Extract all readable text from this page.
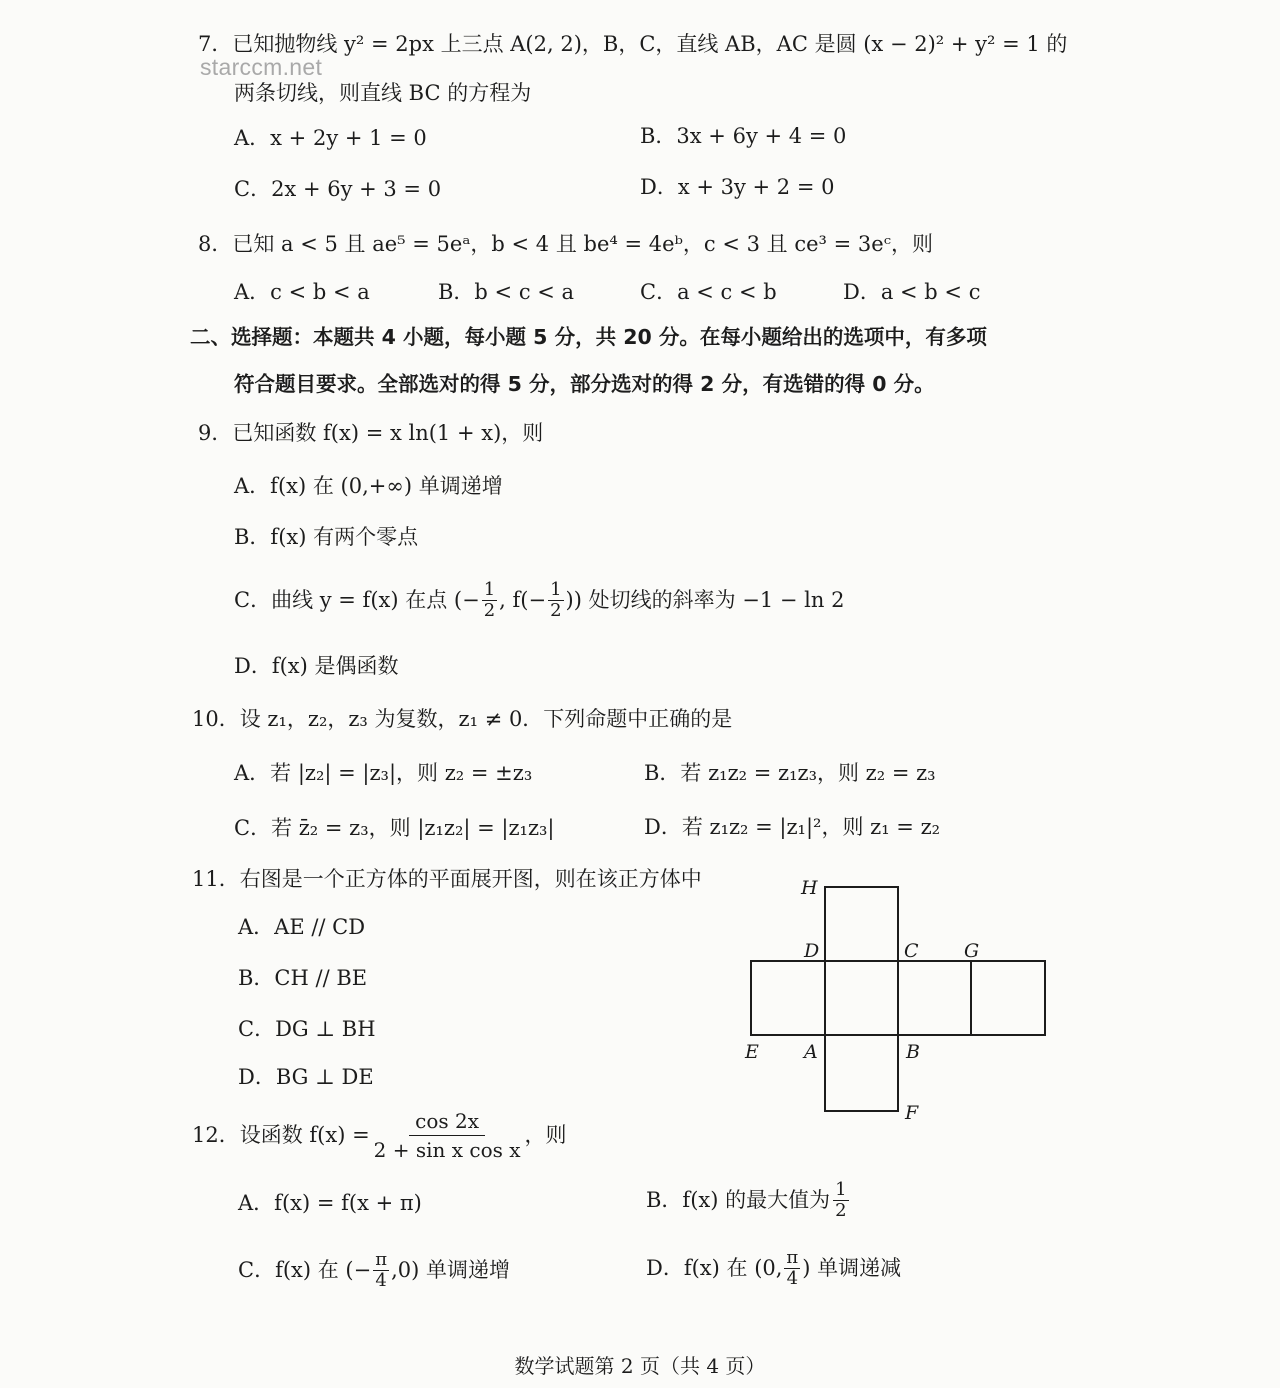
starccm.net
7．已知抛物线 y² = 2px 上三点 A(2, 2)，B，C，直线 AB，AC 是圆 (x − 2)² + y² = 1 的
两条切线，则直线 BC 的方程为
A．x + 2y + 1 = 0	B．3x + 6y + 4 = 0
C．2x + 6y + 3 = 0	D．x + 3y + 2 = 0
8．已知 a < 5 且 ae⁵ = 5eᵃ，b < 4 且 be⁴ = 4eᵇ，c < 3 且 ce³ = 3eᶜ，则
A．c < b < a	B．b < c < a	C．a < c < b	D．a < b < c
二、选择题：本题共 4 小题，每小题 5 分，共 20 分。在每小题给出的选项中，有多项
符合题目要求。全部选对的得 5 分，部分选对的得 2 分，有选错的得 0 分。
9．已知函数 f(x) = x ln(1 + x)，则
A．f(x) 在 (0,+∞) 单调递增
B．f(x) 有两个零点
C．曲线 y = f(x) 在点 (− $\frac{1}{2}$ , $f(- \frac{1}{2}$ )) 处切线的斜率为 −1 − ln 2
D．f(x) 是偶函数
10．设 z₁，z₂，z₃ 为复数，z₁ ≠ 0．下列命题中正确的是
A．若 |z₂| = |z₃|，则 z₂ = ±z₃	B．若 z₁z₂ = z₁z₃，则 z₂ = z₃
C．若 z̄₂ = z₃，则 |z₁z₂| = |z₁z₃|	D．若 z₁z₂ = |z₁|²，则 z₁ = z₂
11．右图是一个正方体的平面展开图，则在该正方体中
A．AE // CD
B．CH // BE
C．DG ⊥ BH
D．BG ⊥ DE
H
D	C G
E A	B
F
12．设函数 $f(x) = \frac{\cos 2x}{\text{2 + sin x cos x}}$ ，则
A．f(x) = f(x + π)	B．f(x) 的最大值为 $\frac{1}{2}$
C．f(x) 在 (− $\frac{\pi}{4} ,0$) 单调递增	D．f(x) 在 (0, $\frac{\pi}{4}$ ) 单调递减
数学试题第 2 页（共 4 页）
